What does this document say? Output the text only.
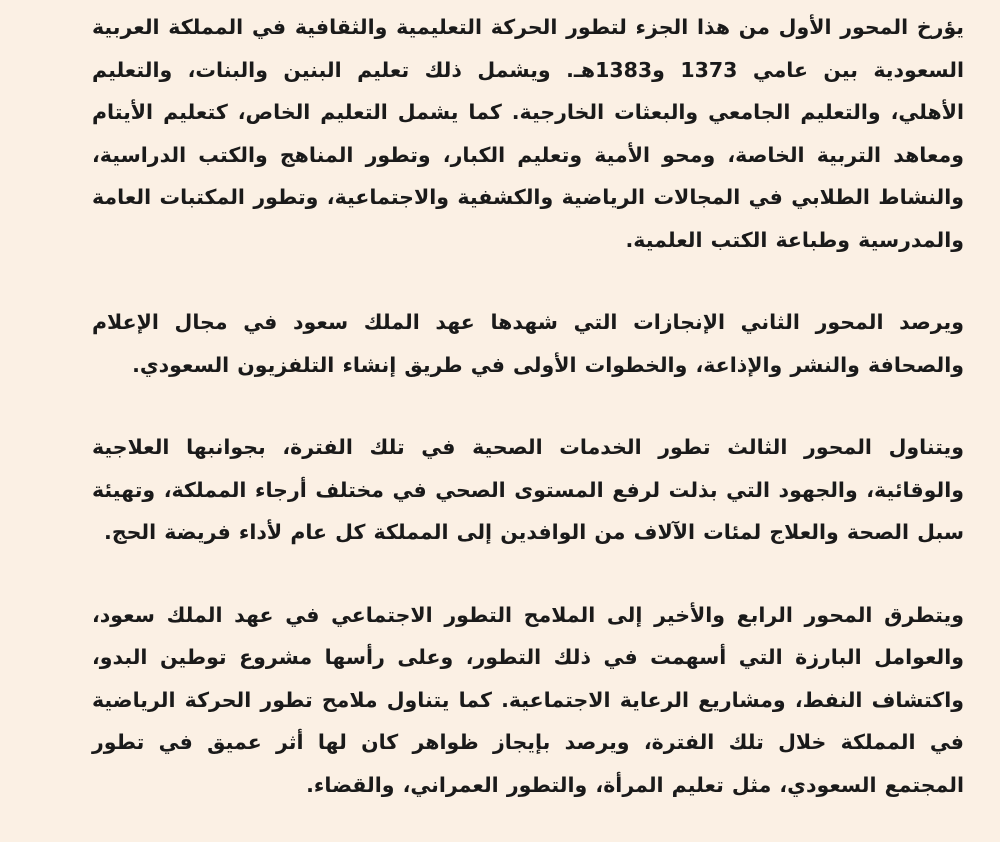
يؤرخ المحور الأول من هذا الجزء لتطور الحركة التعليمية والثقافية في المملكة العربية السعودية بين عامي 1373 و1383هـ. ويشمل ذلك تعليم البنين والبنات، والتعليم الأهلي، والتعليم الجامعي والبعثات الخارجية. كما يشمل التعليم الخاص، كتعليم الأيتام ومعاهد التربية الخاصة، ومحو الأمية وتعليم الكبار، وتطور المناهج والكتب الدراسية، والنشاط الطلابي في المجالات الرياضية والكشفية والاجتماعية، وتطور المكتبات العامة والمدرسية وطباعة الكتب العلمية.

ويرصد المحور الثاني الإنجازات التي شهدها عهد الملك سعود في مجال الإعلام والصحافة والنشر والإذاعة، والخطوات الأولى في طريق إنشاء التلفزيون السعودي.

ويتناول المحور الثالث تطور الخدمات الصحية في تلك الفترة، بجوانبها العلاجية والوقائية، والجهود التي بذلت لرفع المستوى الصحي في مختلف أرجاء المملكة، وتهيئة سبل الصحة والعلاج لمئات الآلاف من الوافدين إلى المملكة كل عام لأداء فريضة الحج.

ويتطرق المحور الرابع والأخير إلى الملامح التطور الاجتماعي في عهد الملك سعود، والعوامل البارزة التي أسهمت في ذلك التطور، وعلى رأسها مشروع توطين البدو، واكتشاف النفط، ومشاريع الرعاية الاجتماعية. كما يتناول ملامح تطور الحركة الرياضية في المملكة خلال تلك الفترة، ويرصد بإيجاز ظواهر كان لها أثر عميق في تطور المجتمع السعودي، مثل تعليم المرأة، والتطور العمراني، والقضاء.
